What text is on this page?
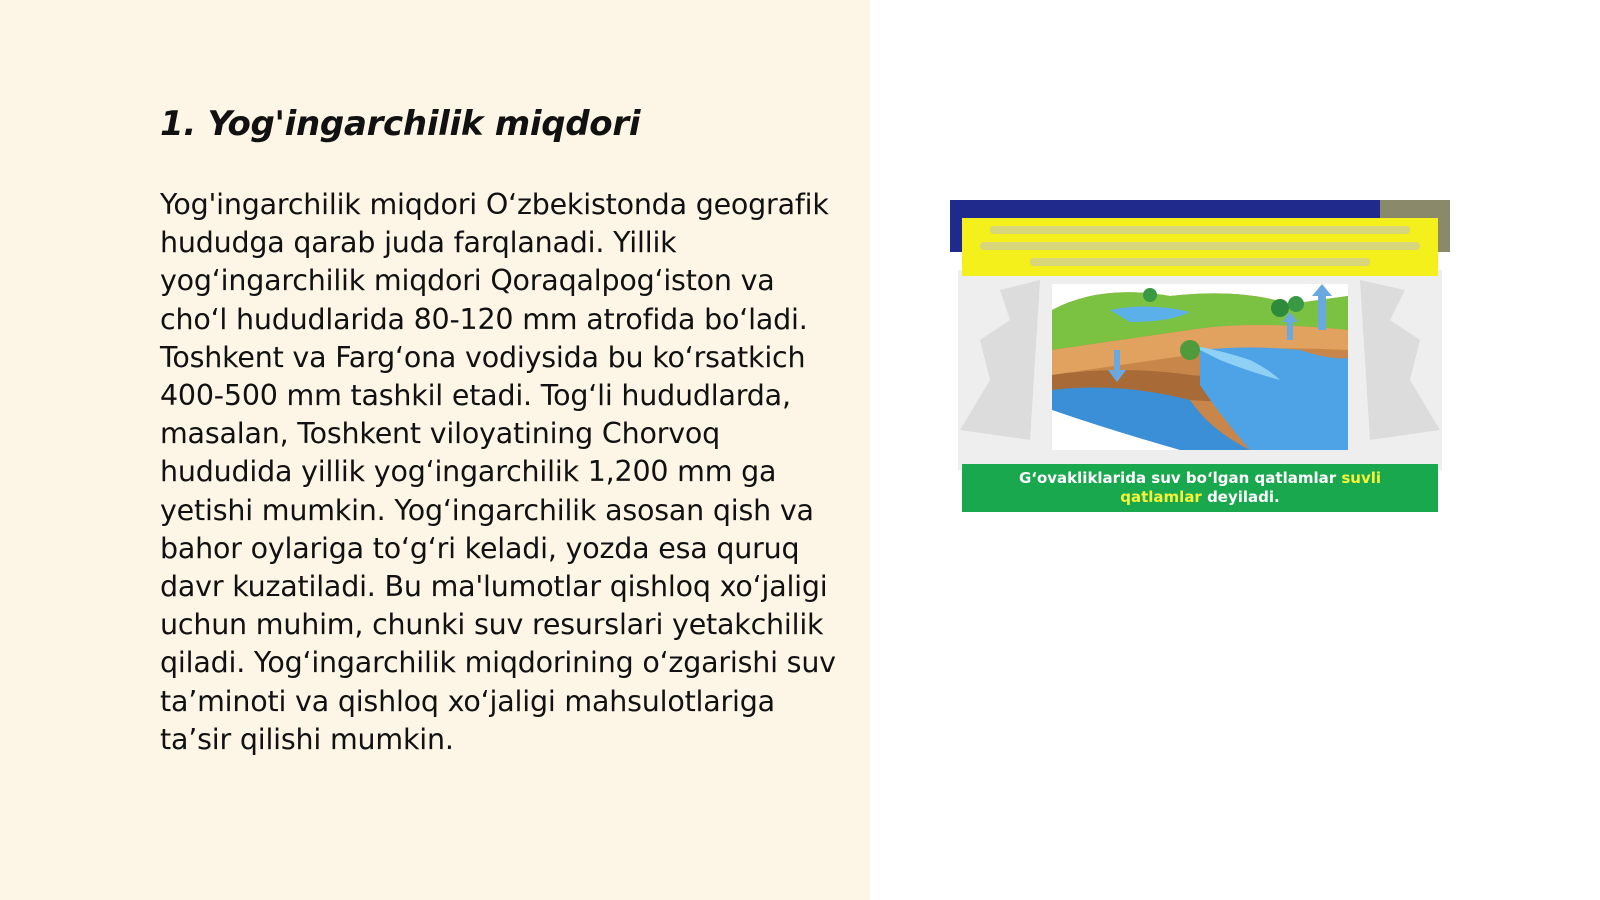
1. Yog'ingarchilik miqdori

Yog'ingarchilik miqdori O‘zbekistonda geografik hududga qarab juda farqlanadi. Yillik yog‘ingarchilik miqdori Qoraqalpog‘iston va cho‘l hududlarida 80-120 mm atrofida bo‘ladi. Toshkent va Farg‘ona vodiysida bu ko‘rsatkich 400-500 mm tashkil etadi. Tog‘li hududlarda, masalan, Toshkent viloyatining Chorvoq hududida yillik yog‘ingarchilik 1,200 mm ga yetishi mumkin. Yog‘ingarchilik asosan qish va bahor oylariga to‘g‘ri keladi, yozda esa quruq davr kuzatiladi. Bu ma'lumotlar qishloq xo‘jaligi uchun muhim, chunki suv resurslari yetakchilik qiladi. Yog‘ingarchilik miqdorining o‘zgarishi suv ta’minoti va qishloq xo‘jaligi mahsulotlariga ta’sir qilishi mumkin.

G‘ovakliklarida suv bo‘lgan qatlamlar suvli
qatlamlar deyiladi.
